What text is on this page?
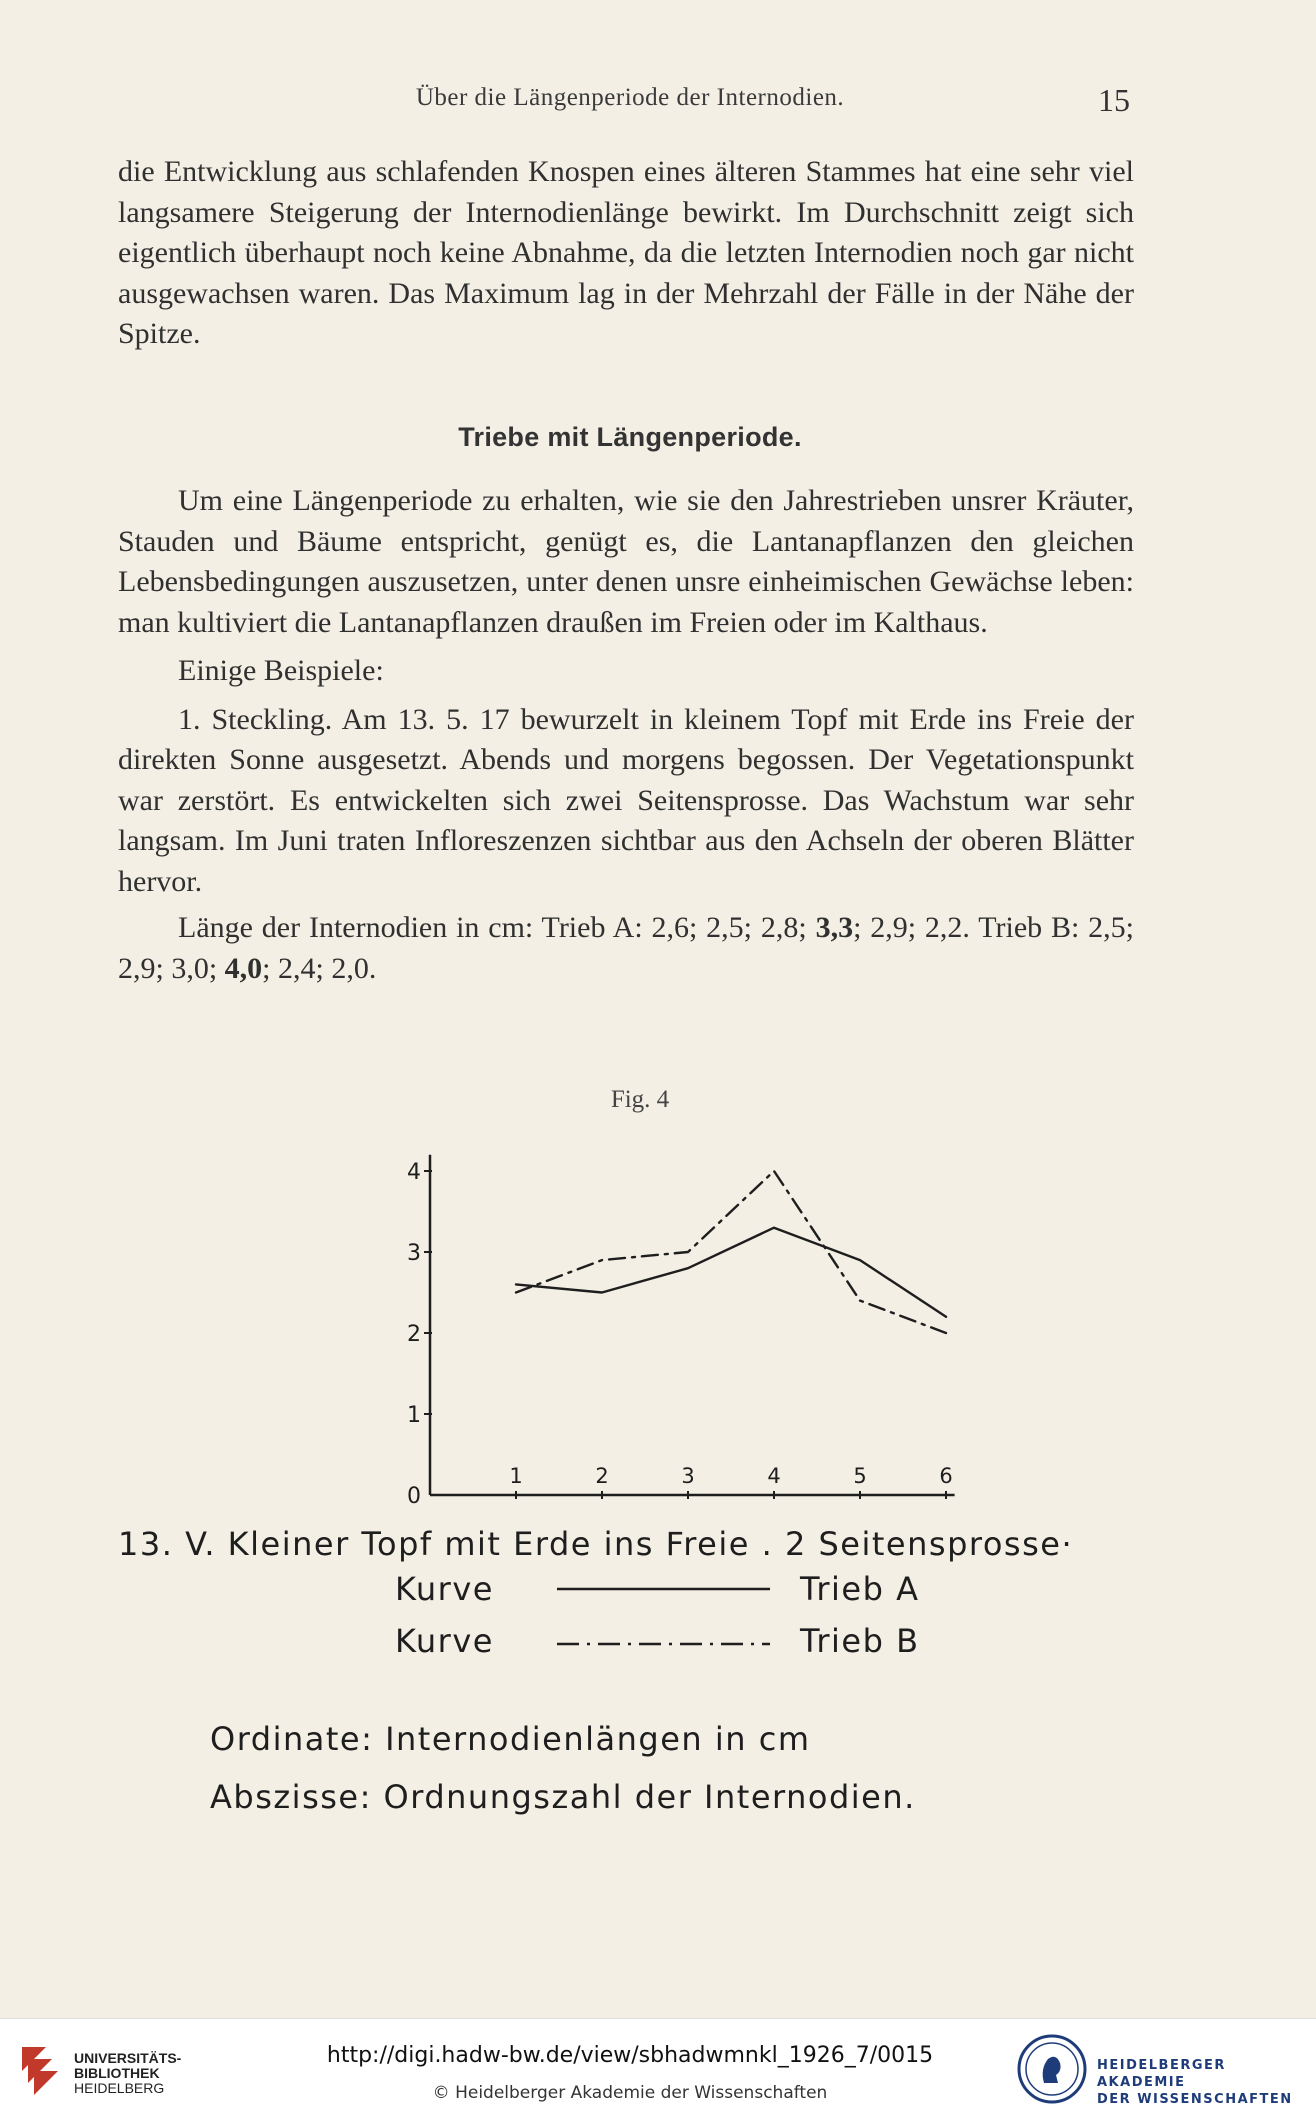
Über die Längenperiode der Internodien.	15

die Entwicklung aus schlafenden Knospen eines älteren Stammes hat eine sehr viel langsamere Steigerung der Internodienlänge bewirkt. Im Durchschnitt zeigt sich eigentlich überhaupt noch keine Abnahme, da die letzten Internodien noch gar nicht ausgewachsen waren. Das Maximum lag in der Mehrzahl der Fälle in der Nähe der Spitze.

Triebe mit Längenperiode.

Um eine Längenperiode zu erhalten, wie sie den Jahrestrieben unsrer Kräuter, Stauden und Bäume entspricht, genügt es, die Lantanapflanzen den gleichen Lebensbedingungen auszusetzen, unter denen unsre einheimischen Gewächse leben: man kultiviert die Lantanapflanzen draußen im Freien oder im Kalthaus.

Einige Beispiele:

1. Steckling. Am 13. 5. 17 bewurzelt in kleinem Topf mit Erde ins Freie der direkten Sonne ausgesetzt. Abends und morgens begossen. Der Vegetationspunkt war zerstört. Es entwickelten sich zwei Seitensprosse. Das Wachstum war sehr langsam. Im Juni traten Infloreszenzen sichtbar aus den Achseln der oberen Blätter hervor.

Länge der Internodien in cm: Trieb A: 2,6; 2,5; 2,8; 3,3; 2,9; 2,2. Trieb B: 2,5; 2,9; 3,0; 4,0; 2,4; 2,0.

Fig. 4
0
1
2
3
4
1	2	3	4	5	6
13. V. Kleiner Topf mit Erde ins Freie . 2 Seitensprosse·
Kurve	Trieb A
Kurve	Trieb B
Ordinate: Internodienlängen in cm
Abszisse: Ordnungszahl der Internodien.
UNIVERSITÄTS-
BIBLIOTHEK
HEIDELBERG
http://digi.hadw-bw.de/view/sbhadwmnkl_1926_7/0015
© Heidelberger Akademie der Wissenschaften
HEIDELBERGER AKADEMIE
DER WISSENSCHAFTEN
